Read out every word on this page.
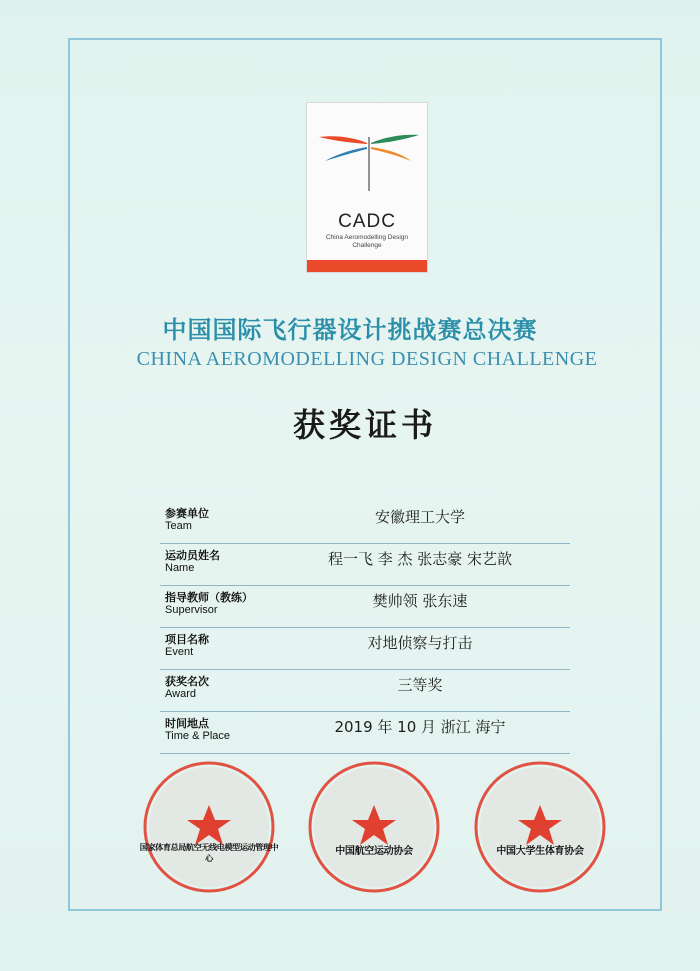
CADC
China Aeromodelling Design
Challenge
中国国际飞行器设计挑战赛总决赛
CHINA AEROMODELLING DESIGN CHALLENGE
获奖证书
参赛单位
Team	安徽理工大学
运动员姓名
Name	程一飞 李 杰 张志豪 宋艺歆
指导教师（教练）
Supervisor	樊帅领 张东速
项目名称
Event	对地侦察与打击
获奖名次
Award	三等奖
时间地点
Time & Place	2019 年 10 月 浙江 海宁
国家体育总局航空无线电模型运动管理中心
中国航空运动协会	中国大学生体育协会
